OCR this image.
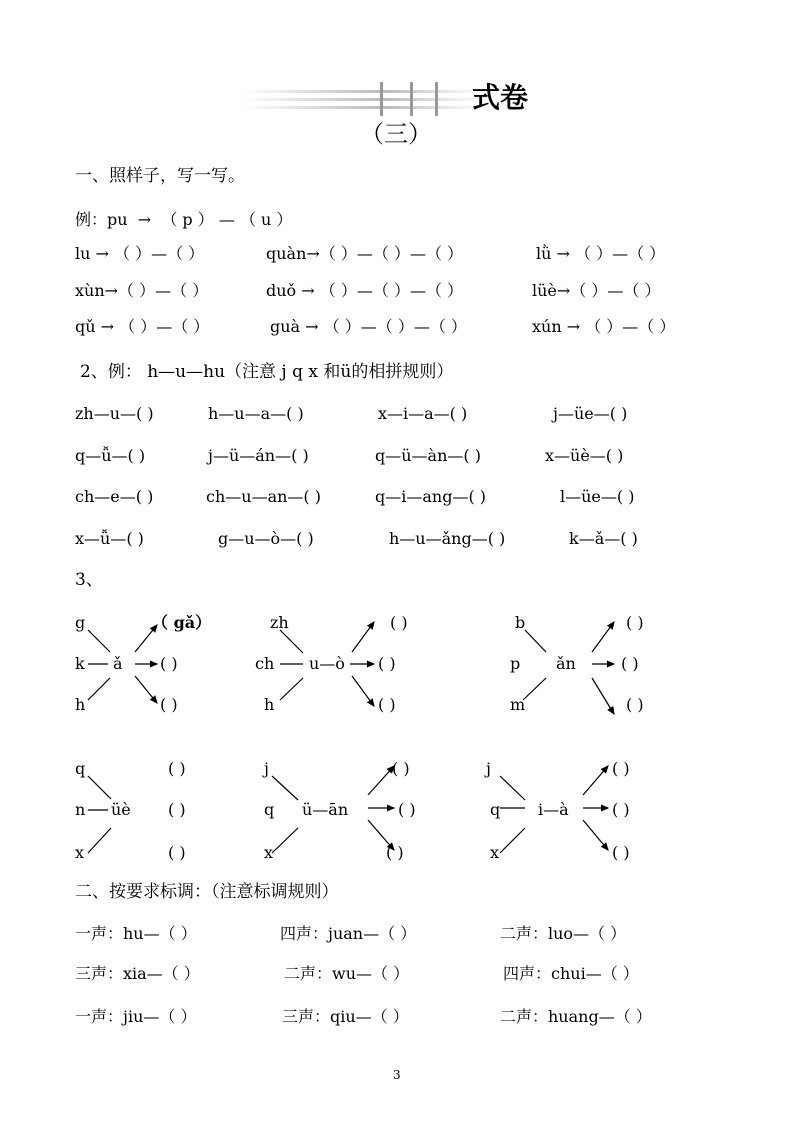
式卷
（三）
一、照样子，写一写。
例：pu  →  （ p ） — （ u ）
lu → （ ）—（ ）	quàn→（ ）—（ ）—（ ）	lǜ → （ ）—（ ）
xùn→（ ）—（ ）	duǒ → （ ）—（ ）—（ ）	lüè→（ ）—（ ）
qǔ → （ ）—（ ）	guà → （ ）—（ ）—（ ）	xún → （ ）—（ ）
2、例： h—u—hu（注意 j q x 和ü的相拼规则）
zh—u—( )	h—u—a—( )	x—i—a—( )	j—üe—( )
q—ǚ—( )	j—ü—án—( )	q—ü—àn—( )	x—üè—( )
ch—e—( )	ch—u—an—( )	q—i—ang—( )	l—üe—( )
x—ǚ—( )	g—u—ò—( )	h—u—ǎng—( )	k—ǎ—( )
3、
g
k
h
ǎ
（ gǎ）
( )
( )
zh
ch
h
u—ò
( )
( )
( )
b
p
m
ǎn
( )
( )
( )
q
n
x
üè
( )
( )
( )
j
q
x
ü—ān
( )
( )
( )
j
q
x
i—à
( )
( )
( )
二、按要求标调：（注意标调规则）
一声：hu—（ ）	四声：juan—（ ）	二声：luo—（ ）
三声：xia—（ ）	二声：wu—（ ）	四声：chui—（ ）
一声：jiu—（ ）	三声：qiu—（ ）	二声：huang—（ ）
3
